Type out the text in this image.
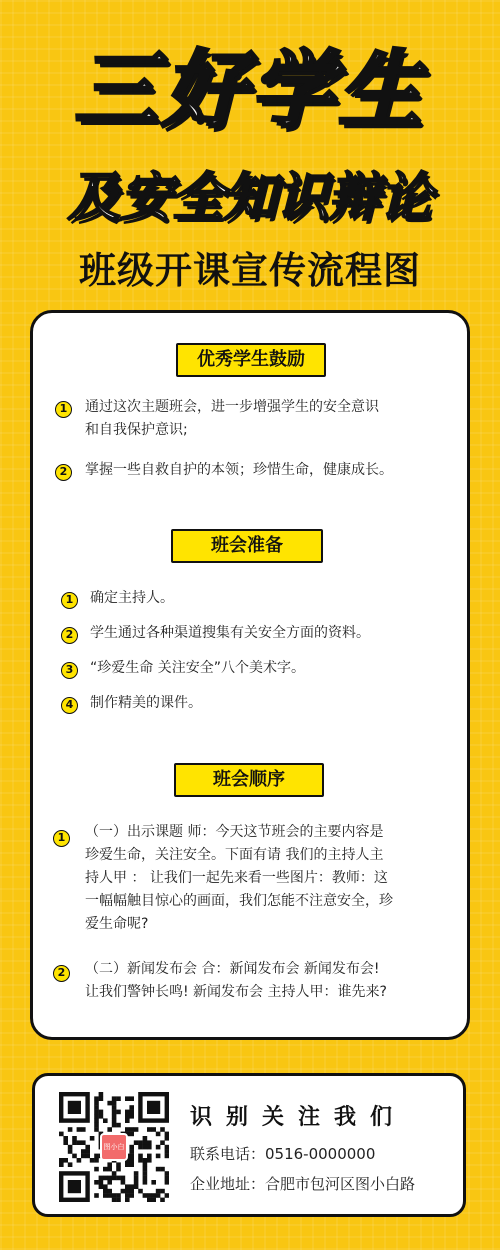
三好学生
及安全知识辩论
班级开课宣传流程图
优秀学生鼓励
1	通过这次主题班会，进一步增强学生的安全意识
和自我保护意识;
2	掌握一些自救自护的本领；珍惜生命，健康成长。
班会准备
1	确定主持人。
2	学生通过各种渠道搜集有关安全方面的资料。
3	“珍爱生命 关注安全”八个美术字。
4	制作精美的课件。
班会顺序
1	（一）出示课题 师：今天这节班会的主要内容是
珍爱生命，关注安全。下面有请 我们的主持人主
持人甲 ： 让我们一起先来看一些图片：教师：这
一幅幅触目惊心的画面，我们怎能不注意安全，珍
爱生命呢?
2	（二）新闻发布会 合：新闻发布会 新闻发布会!
让我们警钟长鸣! 新闻发布会 主持人甲：谁先来?
图小白
识别关注我们
联系电话：0516-0000000
企业地址：合肥市包河区图小白路
